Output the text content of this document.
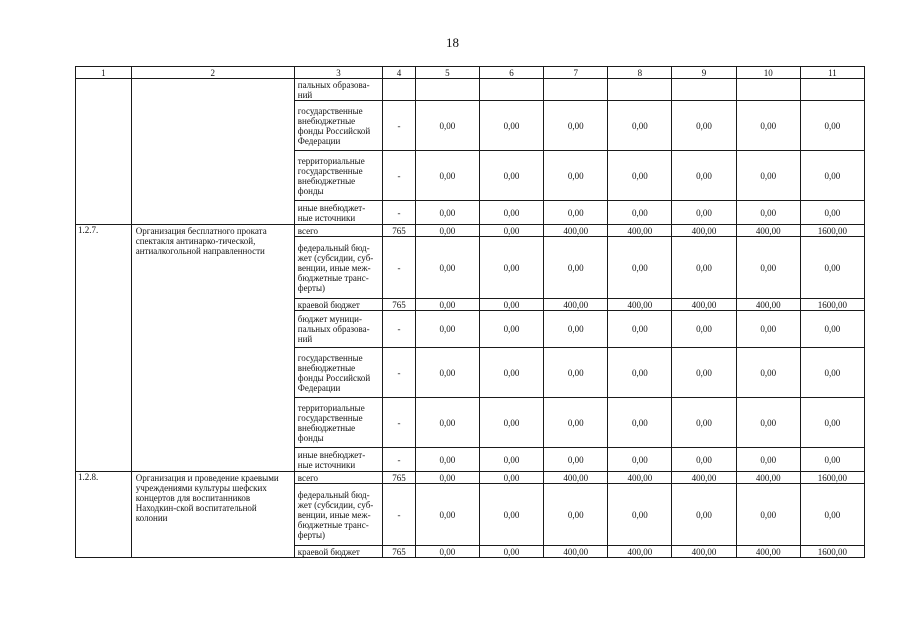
18
1	2	3	4	5	6	7	8	9	10	11
		пальных образова-ний								
		государственные внебюджетные фонды Российской Федерации	-	0,00	0,00	0,00	0,00	0,00	0,00	0,00
		территориальные государственные внебюджетные фонды	-	0,00	0,00	0,00	0,00	0,00	0,00	0,00
		иные внебюджет-ные источники	-	0,00	0,00	0,00	0,00	0,00	0,00	0,00
1.2.7.	Организация бесплатного проката спектакля антинарко-тической, антиалкогольной направленности	всего	765	0,00	0,00	400,00	400,00	400,00	400,00	1600,00
		федеральный бюд-жет (субсидии, суб-венции, иные меж-бюджетные транс-ферты)	-	0,00	0,00	0,00	0,00	0,00	0,00	0,00
		краевой бюджет	765	0,00	0,00	400,00	400,00	400,00	400,00	1600,00
		бюджет муници-пальных образова-ний	-	0,00	0,00	0,00	0,00	0,00	0,00	0,00
		государственные внебюджетные фонды Российской Федерации	-	0,00	0,00	0,00	0,00	0,00	0,00	0,00
		территориальные государственные внебюджетные фонды	-	0,00	0,00	0,00	0,00	0,00	0,00	0,00
		иные внебюджет-ные источники	-	0,00	0,00	0,00	0,00	0,00	0,00	0,00
1.2.8.	Организация и проведение краевыми учреждениями культуры шефских концертов для воспитанников Находкин-ской воспитательной колонии	всего	765	0,00	0,00	400,00	400,00	400,00	400,00	1600,00
		федеральный бюд-жет (субсидии, суб-венции, иные меж-бюджетные транс-ферты)	-	0,00	0,00	0,00	0,00	0,00	0,00	0,00
		краевой бюджет	765	0,00	0,00	400,00	400,00	400,00	400,00	1600,00
